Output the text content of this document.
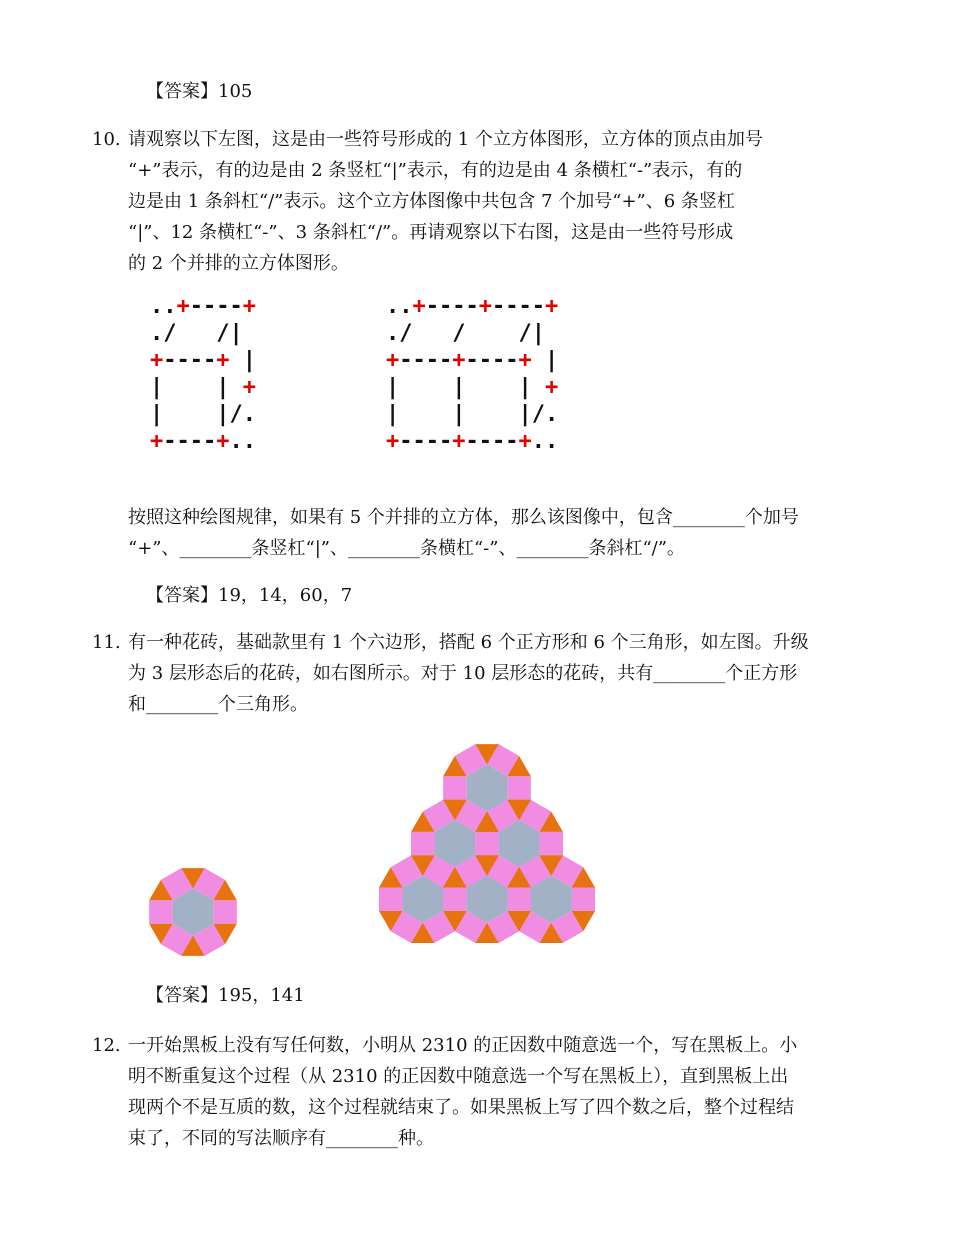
【答案】105
10. 请观察以下左图，这是由一些符号形成的 1 个立方体图形，立方体的顶点由加号
“+”表示，有的边是由 2 条竖杠“|”表示，有的边是由 4 条横杠“-”表示，有的
边是由 1 条斜杠“/”表示。这个立方体图像中共包含 7 个加号“+”、6 条竖杠
“|”、12 条横杠“-”、3 条斜杠“/”。再请观察以下右图，这是由一些符号形成
的 2 个并排的立方体图形。
..+----+
./   /|
+----+ |
|    | +
|    |/.
+----+..
..+----+----+
./   /    /|
+----+----+ |
|    |    | +
|    |    |/.
+----+----+..
按照这种绘图规律，如果有 5 个并排的立方体，那么该图像中，包含________个加号
“+”、________条竖杠“|”、________条横杠“-”、________条斜杠“/”。
【答案】19，14，60，7
11. 有一种花砖，基础款里有 1 个六边形，搭配 6 个正方形和 6 个三角形，如左图。升级
为 3 层形态后的花砖，如右图所示。对于 10 层形态的花砖，共有________个正方形
和________个三角形。
【答案】195，141
12. 一开始黑板上没有写任何数，小明从 2310 的正因数中随意选一个，写在黑板上。小
明不断重复这个过程（从 2310 的正因数中随意选一个写在黑板上），直到黑板上出
现两个不是互质的数，这个过程就结束了。如果黑板上写了四个数之后，整个过程结
束了，不同的写法顺序有________种。
